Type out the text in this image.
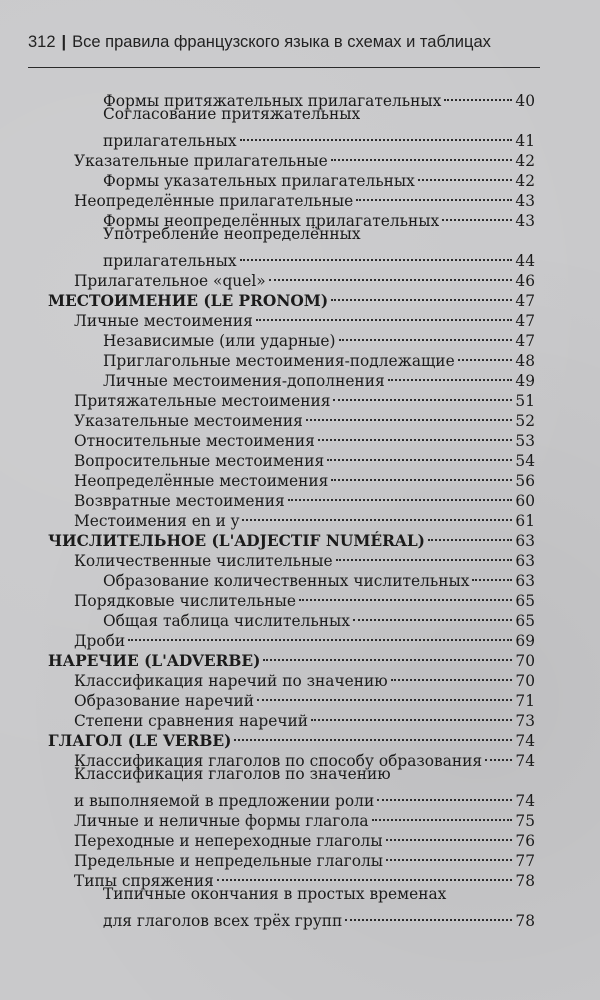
312 | Все правила французского языка в схемах и таблицах
Формы притяжательных прилагательных	40
Согласование притяжательных
прилагательных	41
Указательные прилагательные	42
Формы указательных прилагательных	42
Неопределённые прилагательные	43
Формы неопределённых прилагательных	43
Употребление неопределённых
прилагательных	44
Прилагательное «quel»	46
МЕСТОИМЕНИЕ (LE PRONOM)	47
Личные местоимения	47
Независимые (или ударные)	47
Приглагольные местоимения-подлежащие	48
Личные местоимения-дополнения	49
Притяжательные местоимения	51
Указательные местоимения	52
Относительные местоимения	53
Вопросительные местоимения	54
Неопределённые местоимения	56
Возвратные местоимения	60
Местоимения en и y	61
ЧИСЛИТЕЛЬНОЕ (L'ADJECTIF NUMÉRAL)	63
Количественные числительные	63
Образование количественных числительных	63
Порядковые числительные	65
Общая таблица числительных	65
Дроби	69
НАРЕЧИЕ (L'ADVERBE)	70
Классификация наречий по значению	70
Образование наречий	71
Степени сравнения наречий	73
ГЛАГОЛ (LE VERBE)	74
Классификация глаголов по способу образования 74
Классификация глаголов по значению
и выполняемой в предложении роли	74
Личные и неличные формы глагола	75
Переходные и непереходные глаголы	76
Предельные и непредельные глаголы	77
Типы спряжения	78
Типичные окончания в простых временах
для глаголов всех трёх групп	78
